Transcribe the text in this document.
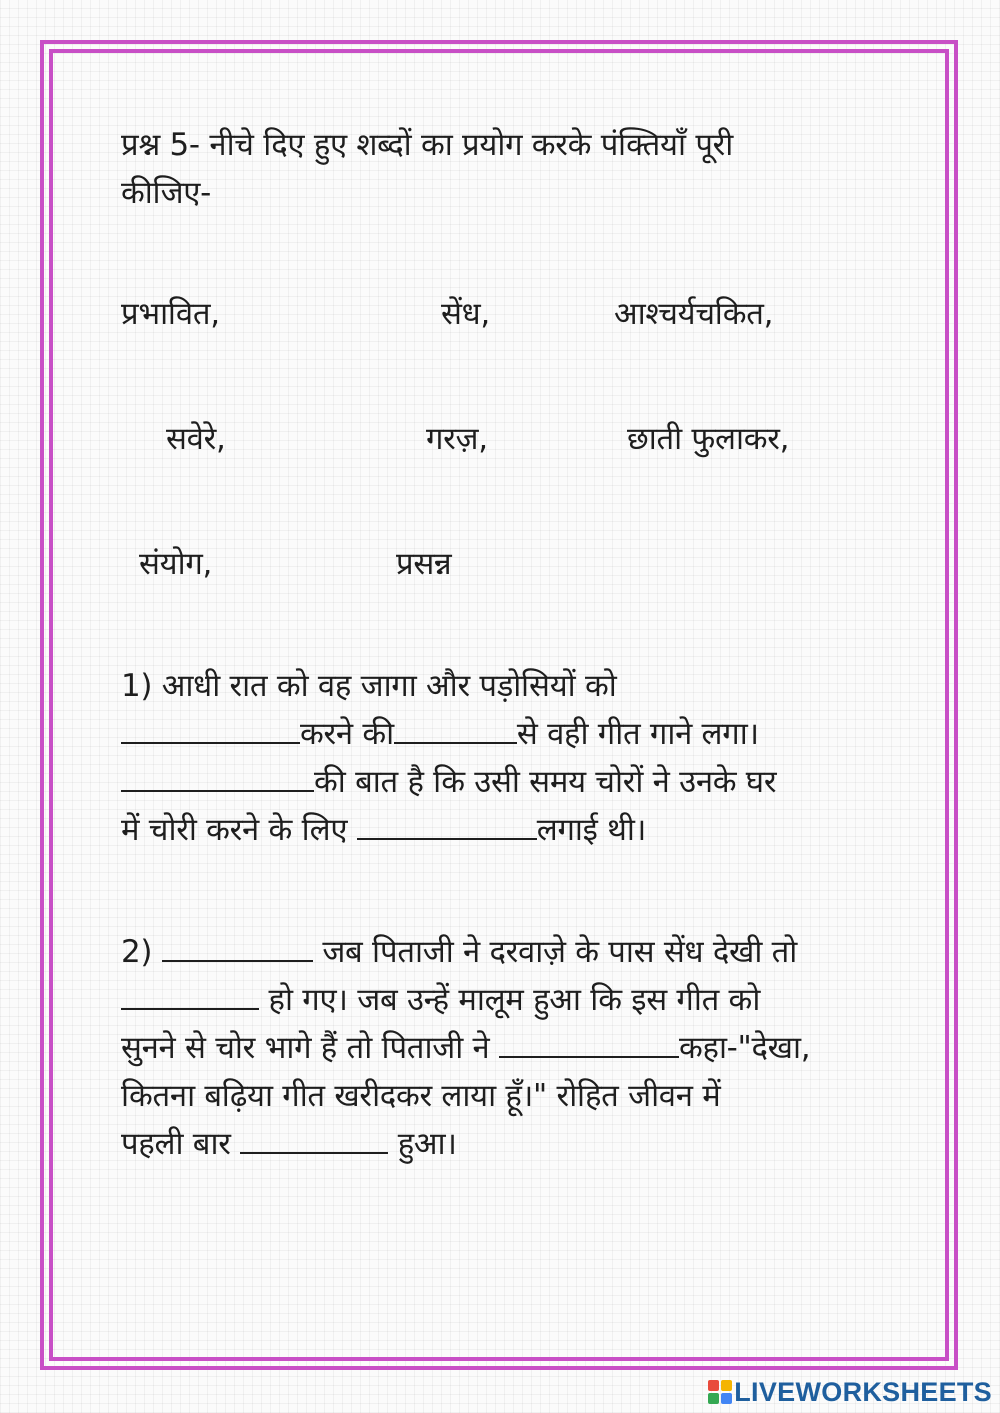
प्रश्न 5- नीचे दिए हुए शब्दों का प्रयोग करके पंक्तियाँ पूरी
कीजिए-
प्रभावित,	सेंध,	आश्चर्यचकित,
सवेरे,	गरज़,	छाती फुलाकर,
संयोग,	प्रसन्न
1) आधी रात को वह जागा और पड़ोसियों को
करने की	से वही गीत गाने लगा।
की बात है कि उसी समय चोरों ने उनके घर
में चोरी करने के लिए	लगाई थी।
2)	जब पिताजी ने दरवाज़े के पास सेंध देखी तो
हो गए। जब उन्हें मालूम हुआ कि इस गीत को
सुनने से चोर भागे हैं तो पिताजी ने	कहा-"देखा,
कितना बढ़िया गीत खरीदकर लाया हूँ।" रोहित जीवन में
पहली बार	हुआ।
LIVEWORKSHEETS
